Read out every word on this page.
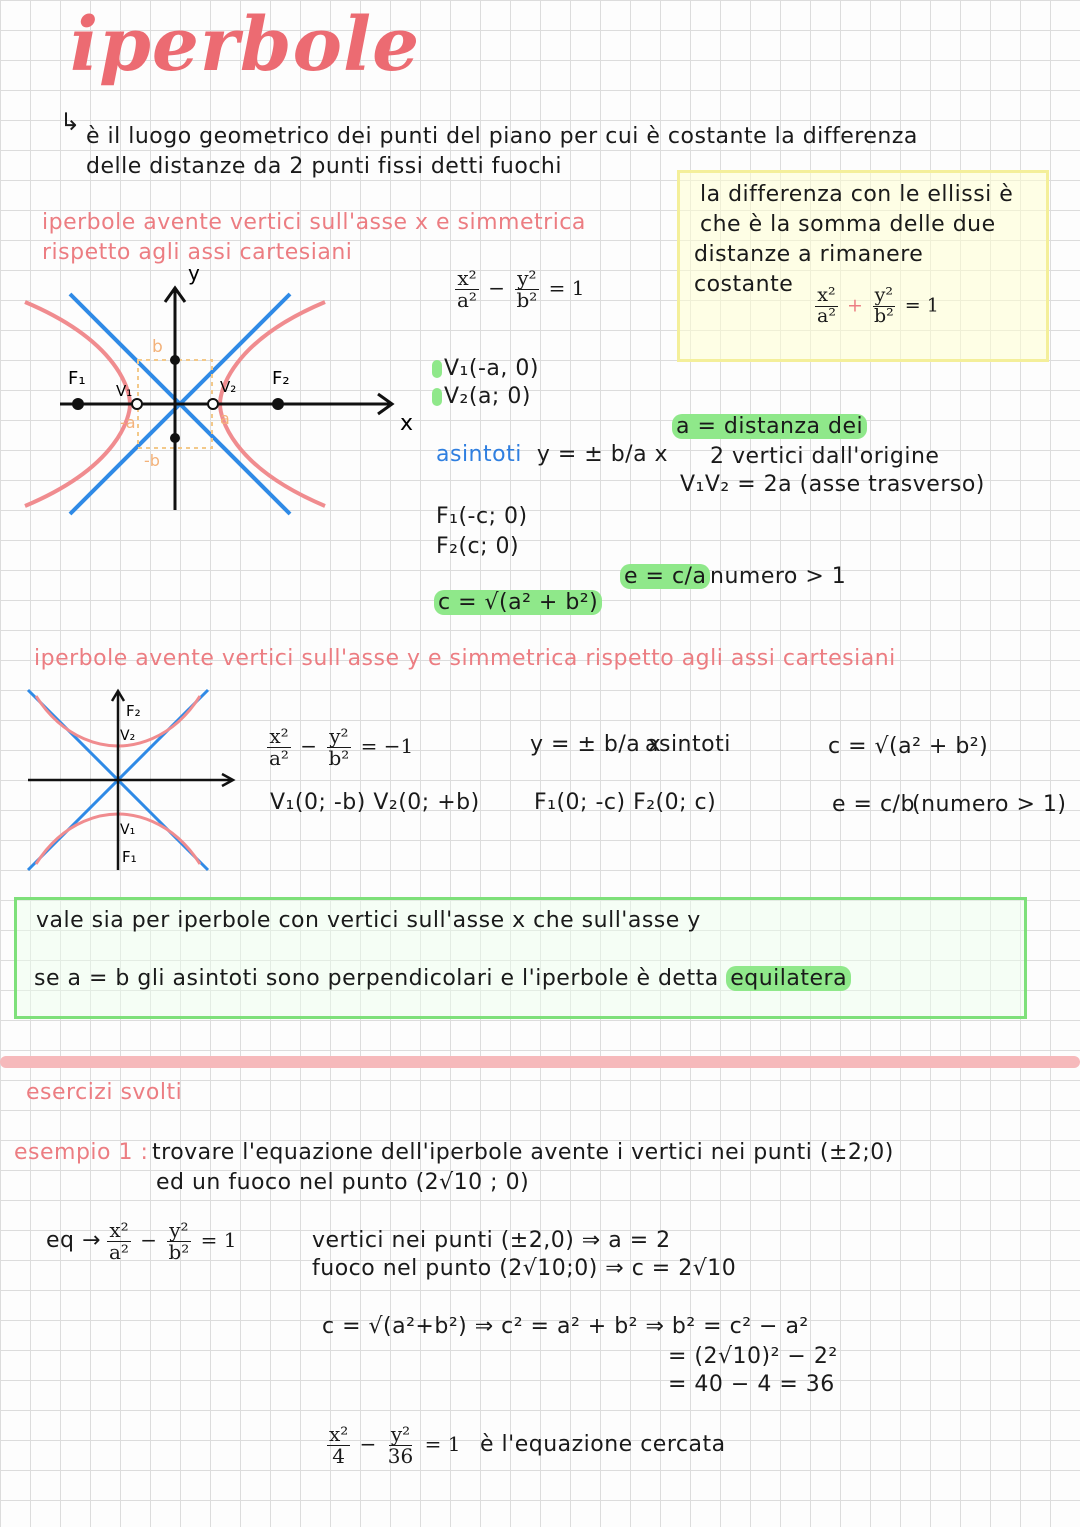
iperbole
↳
è il luogo geometrico dei punti del piano per cui è costante la differenza
delle distanze da 2 punti fissi detti fuochi
iperbole avente vertici sull'asse x e simmetrica
rispetto agli assi cartesiani
y
x
F₁	F₂
V₁	V₂
-a	a
b
-b
$\frac{\text{x²}}{\text{a²}} - \frac{\text{y²}}{\text{b²}} = 1$
V₁(-a, 0)
V₂(a; 0)
asintoti y = ± b/a x
F₁(-c; 0)
F₂(c; 0)
c = √(a² + b²)
e = c/a numero > 1
a = distanza dei
2 vertici dall'origine
V₁V₂ = 2a (asse trasverso)
la differenza con le ellissi è
che è la somma delle due
distanze a rimanere
costante
$\frac{\text{x²}}{\text{a²}} + \frac{\text{y²}}{\text{b²}} = 1$
iperbole avente vertici sull'asse y e simmetrica rispetto agli assi cartesiani
F₂
V₂
V₁
F₁
$\frac{\text{x²}}{\text{a²}} - \frac{\text{y²}}{\text{b²}} = -1$
V₁(0; -b) V₂(0; +b)
y = ± b/a x
asintoti
F₁(0; -c) F₂(0; c)
c = √(a² + b²)
e = c/b
(numero > 1)
vale sia per iperbole con vertici sull'asse x che sull'asse y
se a = b gli asintoti sono perpendicolari e l'iperbole è detta equilatera
esercizi svolti
esempio 1 : trovare l'equazione dell'iperbole avente i vertici nei punti (±2;0)
ed un fuoco nel punto (2√10 ; 0)
eq → $\frac{\text{x²}}{\text{a²}} - \frac{\text{y²}}{\text{b²}} = 1$	vertici nei punti (±2,0) ⇒ a = 2
fuoco nel punto (2√10;0) ⇒ c = 2√10
c = √(a²+b²) ⇒ c² = a² + b² ⇒ b² = c² − a²
= (2√10)² − 2²
= 40 − 4 = 36
$\frac{\text{x²}}{4} - \frac{\text{y²}}{36} = 1$ è l'equazione cercata
